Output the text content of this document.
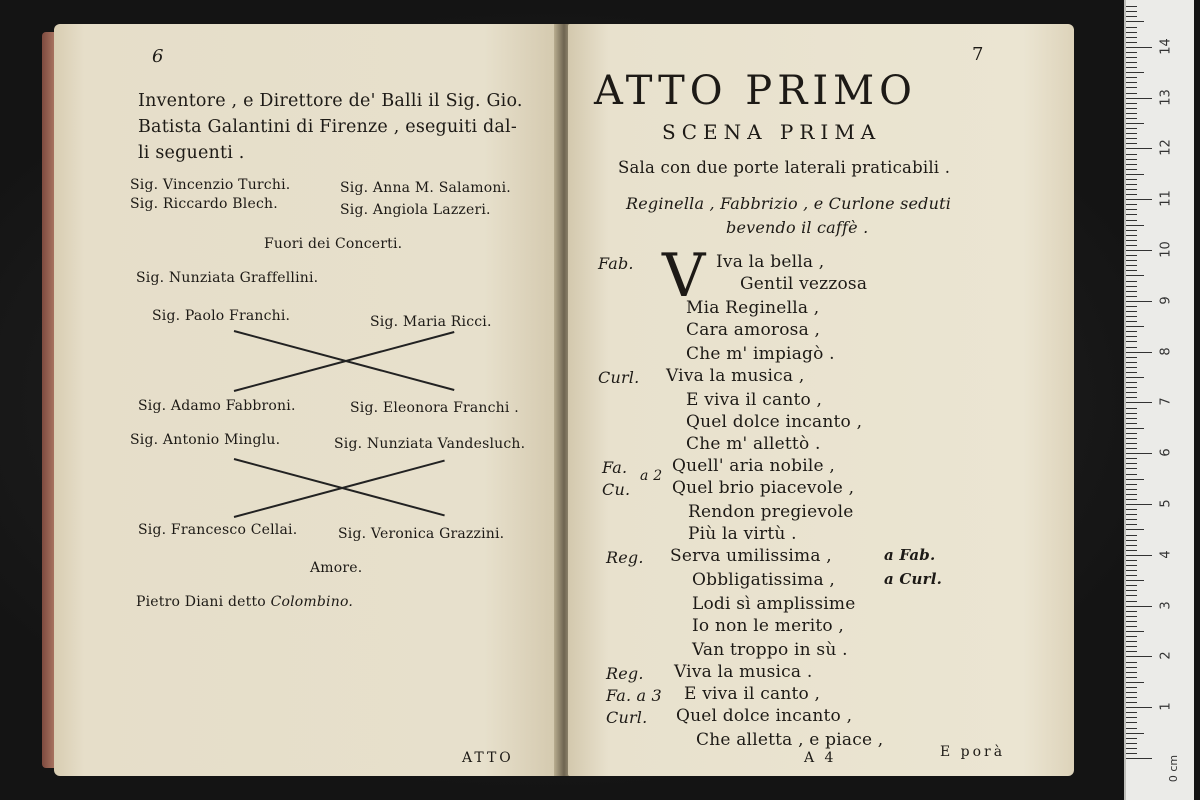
6
Inventore , e Direttore de' Balli il Sig. Gio.
Batista Galantini di Firenze , eseguiti dal-
li seguenti .
Sig. Vincenzio Turchi.	Sig. Anna M. Salamoni.
Sig. Riccardo Blech.	Sig. Angiola Lazzeri.
Fuori dei Concerti.
Sig. Nunziata Graffellini.
Sig. Paolo Franchi.	Sig. Maria Ricci.
Sig. Adamo Fabbroni.	Sig. Eleonora Franchi .
Sig. Antonio Minglu.	Sig. Nunziata Vandesluch.
Sig. Francesco Cellai.	Sig. Veronica Grazzini.
Amore.
Pietro Diani detto Colombino.
ATTO
ATTO PRIMO
7
SCENA PRIMA
Sala con due porte laterali praticabili .
Reginella , Fabbrizio , e Curlone seduti
bevendo il caffè .
V
Fab.	Iva la bella ,
Gentil vezzosa
Mia Reginella ,
Cara amorosa ,
Che m' impiagò .
Curl. Viva la musica ,
E viva il canto ,
Quel dolce incanto ,
Che m' allettò .
Fa. a 2 Quell' aria nobile ,
Cu. Quel brio piacevole ,
Rendon pregievole
Più la virtù .
Reg. Serva umilissima ,	a Fab.
Obbligatissima ,	a Curl.
Lodi sì amplissime
Io non le merito ,
Van troppo in sù .
Reg. Viva la musica .
Fa. a 3 E viva il canto ,
Curl. Quel dolce incanto ,
Che alletta , e piace ,
A 4	E porà
0 cm
14
13
12
11
10
9
8
7
6
5
4
3
2
1
